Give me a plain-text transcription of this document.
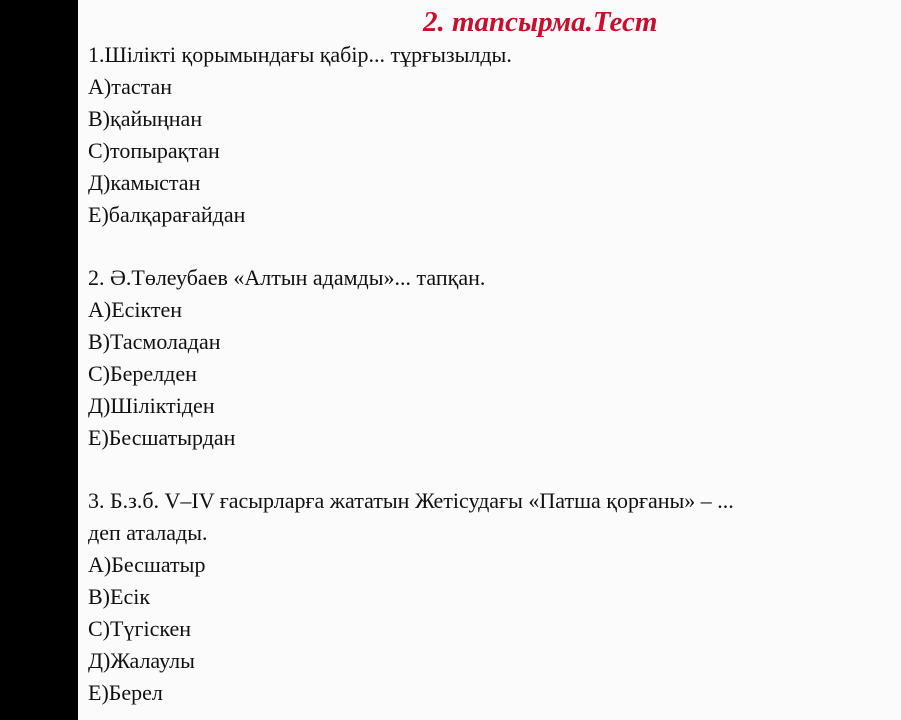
2. тапсырма.Тест
1.Шілікті қорымындағы қабір... тұрғызылды.
А)тастан
В)қайыңнан
С)топырақтан
Д)камыстан
Е)балқарағайдан
2. Ә.Төлеубаев «Алтын адамды»... тапқан.
А)Есіктен
В)Тасмоладан
С)Берелден
Д)Шіліктіден
Е)Бесшатырдан
3. Б.з.б. V–IV ғасырларға жататын Жетісудағы «Патша қорғаны» – ...
деп аталады.
А)Бесшатыр
В)Есік
С)Түгіскен
Д)Жалаулы
Е)Берел
